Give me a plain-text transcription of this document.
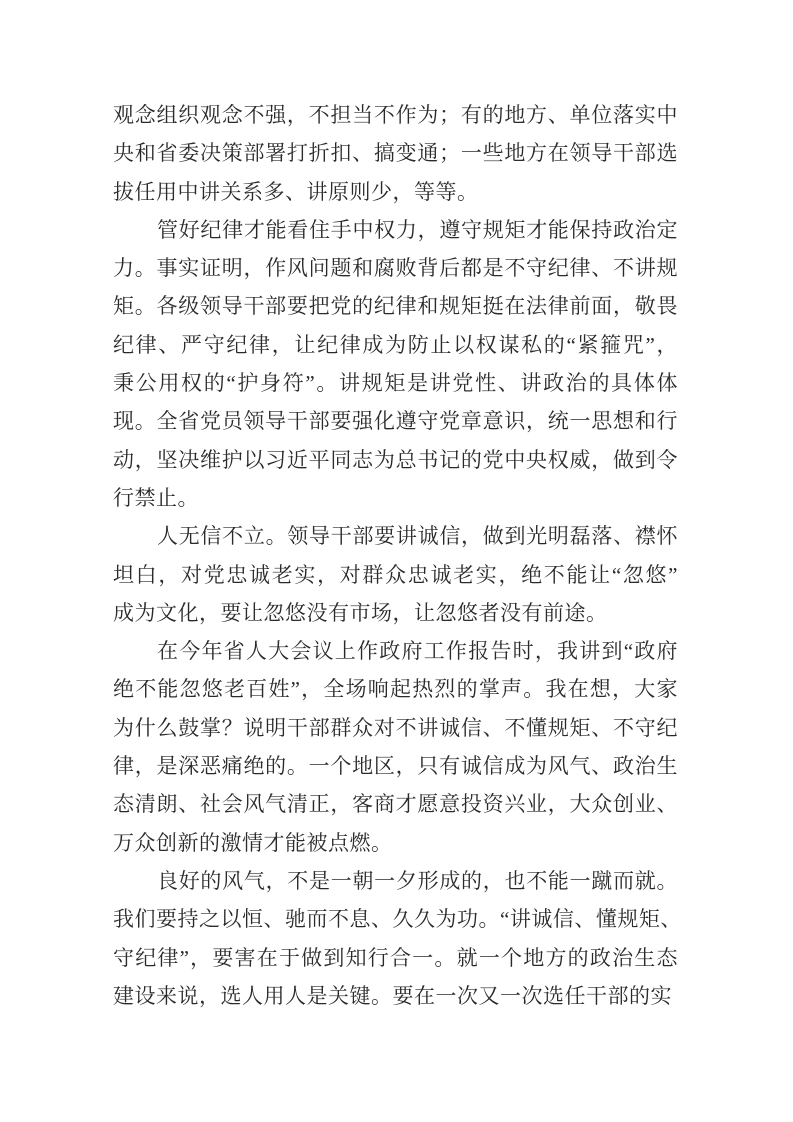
观念组织观念不强，不担当不作为；有的地方、单位落实中
央和省委决策部署打折扣、搞变通；一些地方在领导干部选
拔任用中讲关系多、讲原则少，等等。

管好纪律才能看住手中权力，遵守规矩才能保持政治定
力。事实证明，作风问题和腐败背后都是不守纪律、不讲规
矩。各级领导干部要把党的纪律和规矩挺在法律前面，敬畏
纪律、严守纪律，让纪律成为防止以权谋私的“紧箍咒”，
秉公用权的“护身符”。讲规矩是讲党性、讲政治的具体体
现。全省党员领导干部要强化遵守党章意识，统一思想和行
动，坚决维护以习近平同志为总书记的党中央权威，做到令
行禁止。

人无信不立。领导干部要讲诚信，做到光明磊落、襟怀
坦白，对党忠诚老实，对群众忠诚老实，绝不能让“忽悠”
成为文化，要让忽悠没有市场，让忽悠者没有前途。

在今年省人大会议上作政府工作报告时，我讲到“政府
绝不能忽悠老百姓”，全场响起热烈的掌声。我在想，大家
为什么鼓掌？说明干部群众对不讲诚信、不懂规矩、不守纪
律，是深恶痛绝的。一个地区，只有诚信成为风气、政治生
态清朗、社会风气清正，客商才愿意投资兴业，大众创业、
万众创新的激情才能被点燃。

良好的风气，不是一朝一夕形成的，也不能一蹴而就。
我们要持之以恒、驰而不息、久久为功。“讲诚信、懂规矩、
守纪律”，要害在于做到知行合一。就一个地方的政治生态
建设来说，选人用人是关键。要在一次又一次选任干部的实
